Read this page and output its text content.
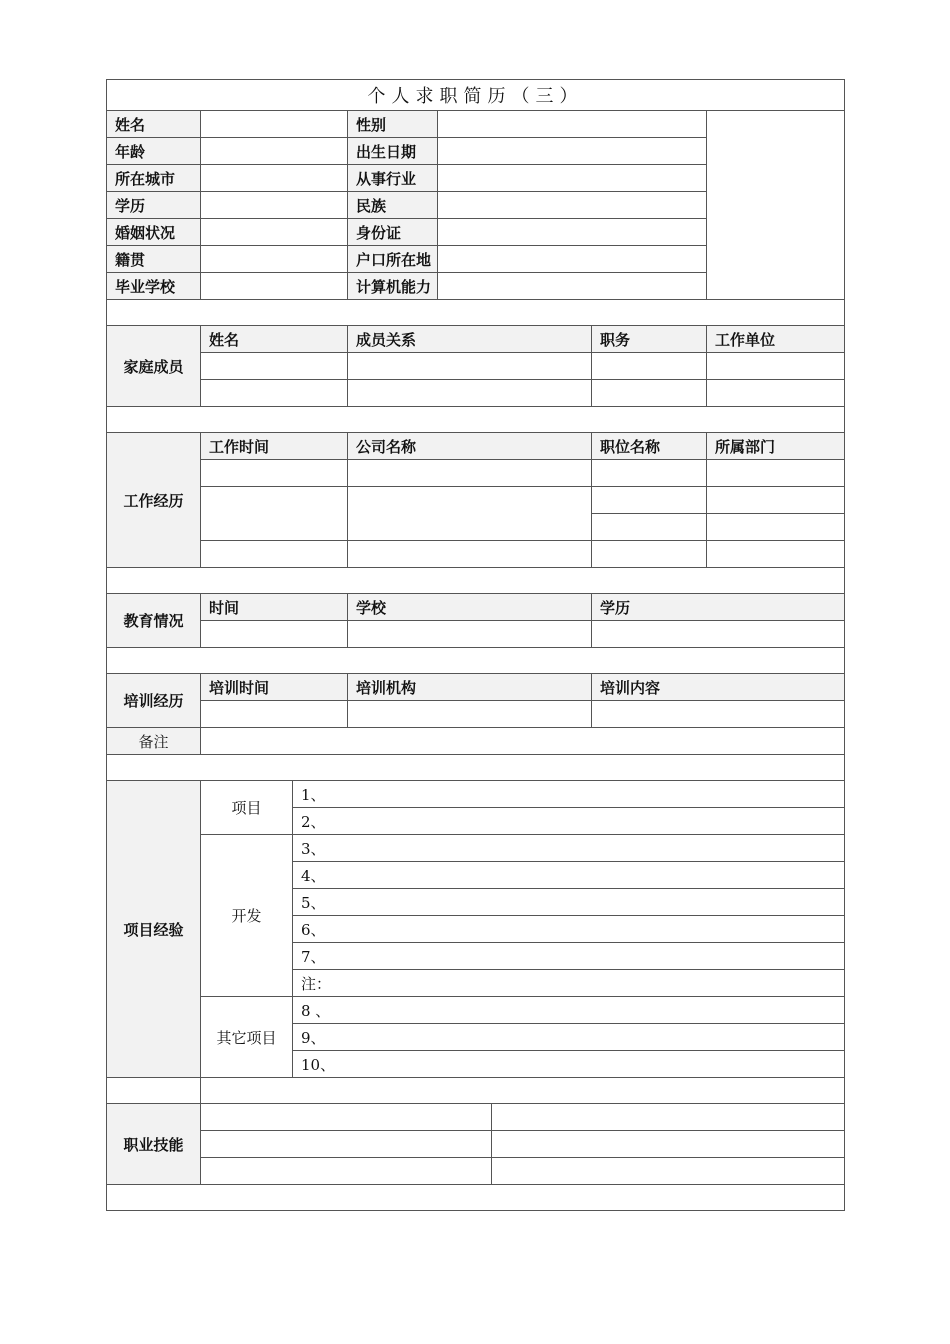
个人求职简历（三）							
姓名			性别				
年龄			出生日期				
所在城市			从事行业				
学历			民族				
婚姻状况			身份证				
籍贯			户口所在地				
毕业学校			计算机能力				

家庭成员	姓名		成员关系			职务	工作单位

工作经历	工作时间		公司名称			职位名称	所属部门

教育情况	时间		学校			学历	

培训经历	培训时间		培训机构			培训内容	

备注							

项目经验	项目	1、					
		2、					
	开发	3、					
		4、					
		5、					
		6、					
		7、					
		注：					
	其它项目	8 、					
		9、					
		10、					

职业技能							
